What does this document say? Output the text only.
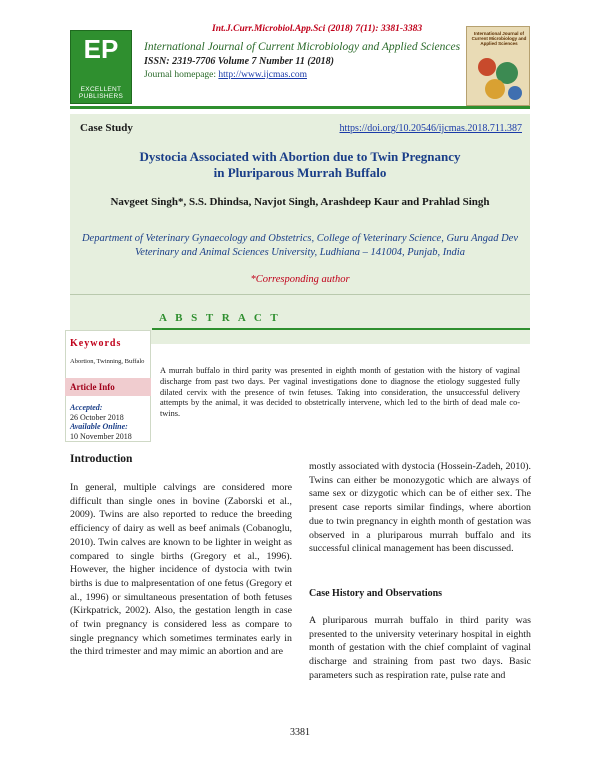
Int.J.Curr.Microbiol.App.Sci (2018) 7(11): 3381-3383
EP
EXCELLENT PUBLISHERS
International Journal of Current Microbiology and Applied Sciences
ISSN: 2319-7706 Volume 7 Number 11 (2018)
Journal homepage: http://www.ijcmas.com
International Journal of Current Microbiology and Applied Sciences
Case Study	https://doi.org/10.20546/ijcmas.2018.711.387
Dystocia Associated with Abortion due to Twin Pregnancy
in Pluriparous Murrah Buffalo
Navgeet Singh*, S.S. Dhindsa, Navjot Singh, Arashdeep Kaur and Prahlad Singh
Department of Veterinary Gynaecology and Obstetrics, College of Veterinary Science, Guru Angad Dev Veterinary and Animal Sciences University, Ludhiana – 141004, Punjab, India
*Corresponding author
A B S T R A C T
Keywords
Abortion, Twinning, Buffalo
Article Info
Accepted:
26 October 2018
Available Online:
10 November 2018
A murrah buffalo in third parity was presented in eighth month of gestation with the history of vaginal discharge from past two days. Per vaginal investigations done to diagnose the etiology suggested fully dilated cervix with the presence of twin fetuses. Taking into consideration, the unsuccessful delivery attempts by the animal, it was decided to obstetrically intervene, which led to the birth of dead male co-twins.
Introduction
In general, multiple calvings are considered more difficult than single ones in bovine (Zaborski et al., 2009). Twins are also reported to reduce the breeding efficiency of dairy as well as beef animals (Cobanoglu, 2010). Twin calves are known to be lighter in weight as compared to single births (Gregory et al., 1996). However, the higher incidence of dystocia with twin births is due to malpresentation of one fetus (Gregory et al., 1996) or simultaneous presentation of both fetuses (Kirkpatrick, 2002). Also, the gestation length in case of twin pregnancy is considered less as compare to single pregnancy which sometimes terminates early in the third trimester and may mimic an abortion and are
mostly associated with dystocia (Hossein-Zadeh, 2010). Twins can either be monozygotic which are always of same sex or dizygotic which can be of either sex. The present case reports similar findings, where abortion due to twin pregnancy in eighth month of gestation was observed in a pluriparous murrah buffalo and its successful clinical management has been discussed.
Case History and Observations
A pluriparous murrah buffalo in third parity was presented to the university veterinary hospital in eighth month of gestation with the chief complaint of vaginal discharge and straining from past two days. Basic parameters such as respiration rate, pulse rate and
3381
